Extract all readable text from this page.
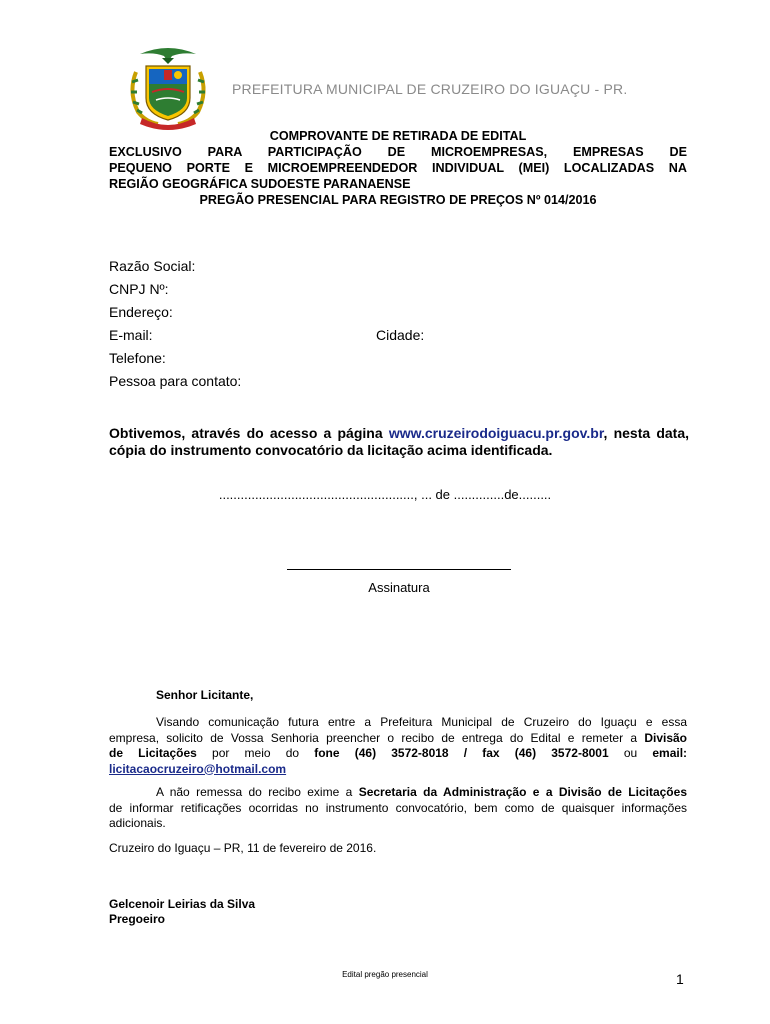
PREFEITURA MUNICIPAL DE CRUZEIRO DO IGUAÇU - PR.
COMPROVANTE DE RETIRADA DE EDITAL
EXCLUSIVO PARA PARTICIPAÇÃO DE MICROEMPRESAS, EMPRESAS DE
PEQUENO PORTE E MICROEMPREENDEDOR INDIVIDUAL (MEI) LOCALIZADAS NA
REGIÃO GEOGRÁFICA SUDOESTE PARANAENSE
PREGÃO PRESENCIAL PARA REGISTRO DE PREÇOS Nº 014/2016
Razão Social:
CNPJ Nº:
Endereço:
E-mail:	Cidade:
Telefone:
Pessoa para contato:
Obtivemos, através do acesso a página www.cruzeirodoiguacu.pr.gov.br, nesta data,
cópia do instrumento convocatório da licitação acima identificada.
......................................................, ... de ..............de.........
Assinatura
Senhor Licitante,
Visando comunicação futura entre a Prefeitura Municipal de Cruzeiro do Iguaçu e essa
empresa, solicito de Vossa Senhoria preencher o recibo de entrega do Edital e remeter a Divisão
de Licitações por meio do fone (46) 3572-8018 / fax (46) 3572-8001 ou email:
licitacaocruzeiro@hotmail.com
A não remessa do recibo exime a Secretaria da Administração e a Divisão de Licitações
de informar retificações ocorridas no instrumento convocatório, bem como de quaisquer informações
adicionais.
Cruzeiro do Iguaçu – PR, 11 de fevereiro de 2016.
Gelcenoir Leirias da Silva
Pregoeiro
Edital pregão presencial	1
